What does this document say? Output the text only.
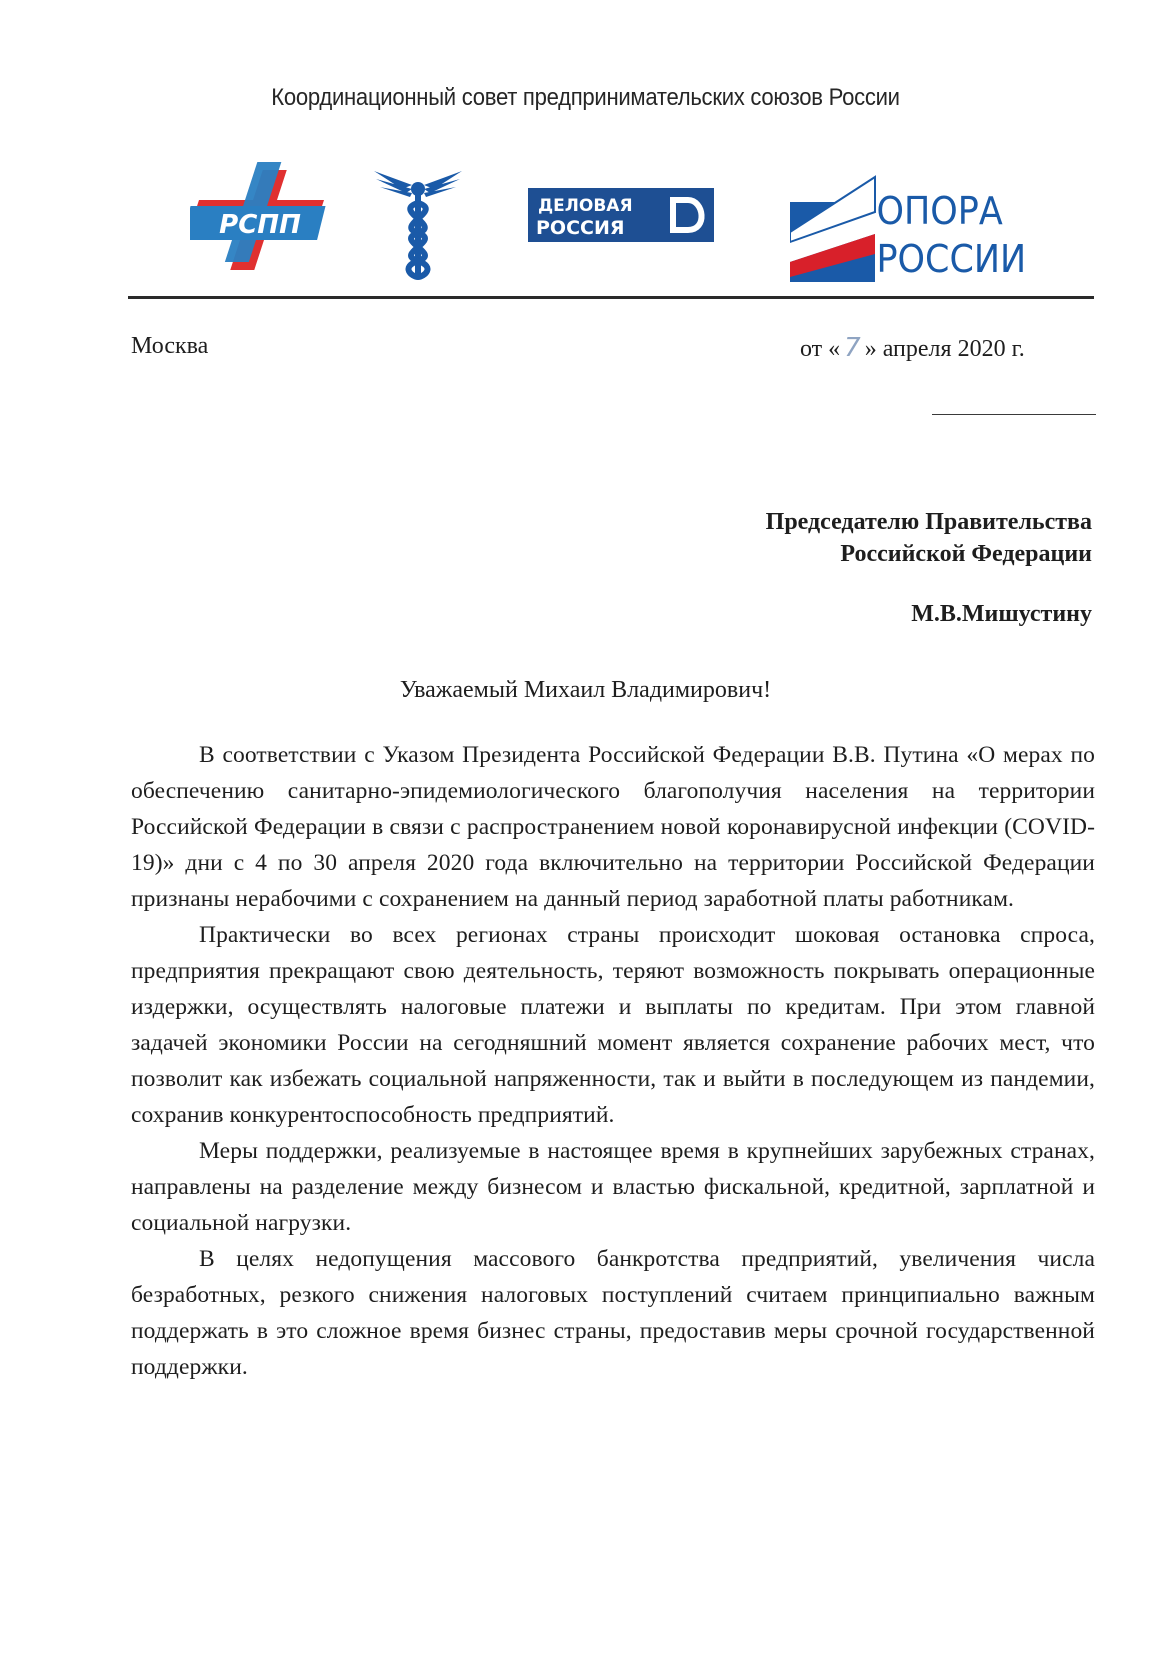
Координационный совет предпринимательских союзов России
РСПП
ДЕЛОВАЯ
РОССИЯ	ОПОРА
РОССИИ
Москва	от « 7 » апреля 2020 г.
Председателю Правительства
Российской Федерации
М.В.Мишустину
Уважаемый Михаил Владимирович!

В соответствии с Указом Президента Российской Федерации В.В. Путина «О мерах по обеспечению санитарно-эпидемиологического благополучия населения на территории Российской Федерации в связи с распространением новой коронавирусной инфекции (COVID-19)» дни с 4 по 30 апреля 2020 года включительно на территории Российской Федерации признаны нерабочими с сохранением на данный период заработной платы работникам.

Практически во всех регионах страны происходит шоковая остановка спроса, предприятия прекращают свою деятельность, теряют возможность покрывать операционные издержки, осуществлять налоговые платежи и выплаты по кредитам. При этом главной задачей экономики России на сегодняшний момент является сохранение рабочих мест, что позволит как избежать социальной напряженности, так и выйти в последующем из пандемии, сохранив конкурентоспособность предприятий.

Меры поддержки, реализуемые в настоящее время в крупнейших зарубежных странах, направлены на разделение между бизнесом и властью фискальной, кредитной, зарплатной и социальной нагрузки.

В целях недопущения массового банкротства предприятий, увеличения числа безработных, резкого снижения налоговых поступлений считаем принципиально важным поддержать в это сложное время бизнес страны, предоставив меры срочной государственной поддержки.
